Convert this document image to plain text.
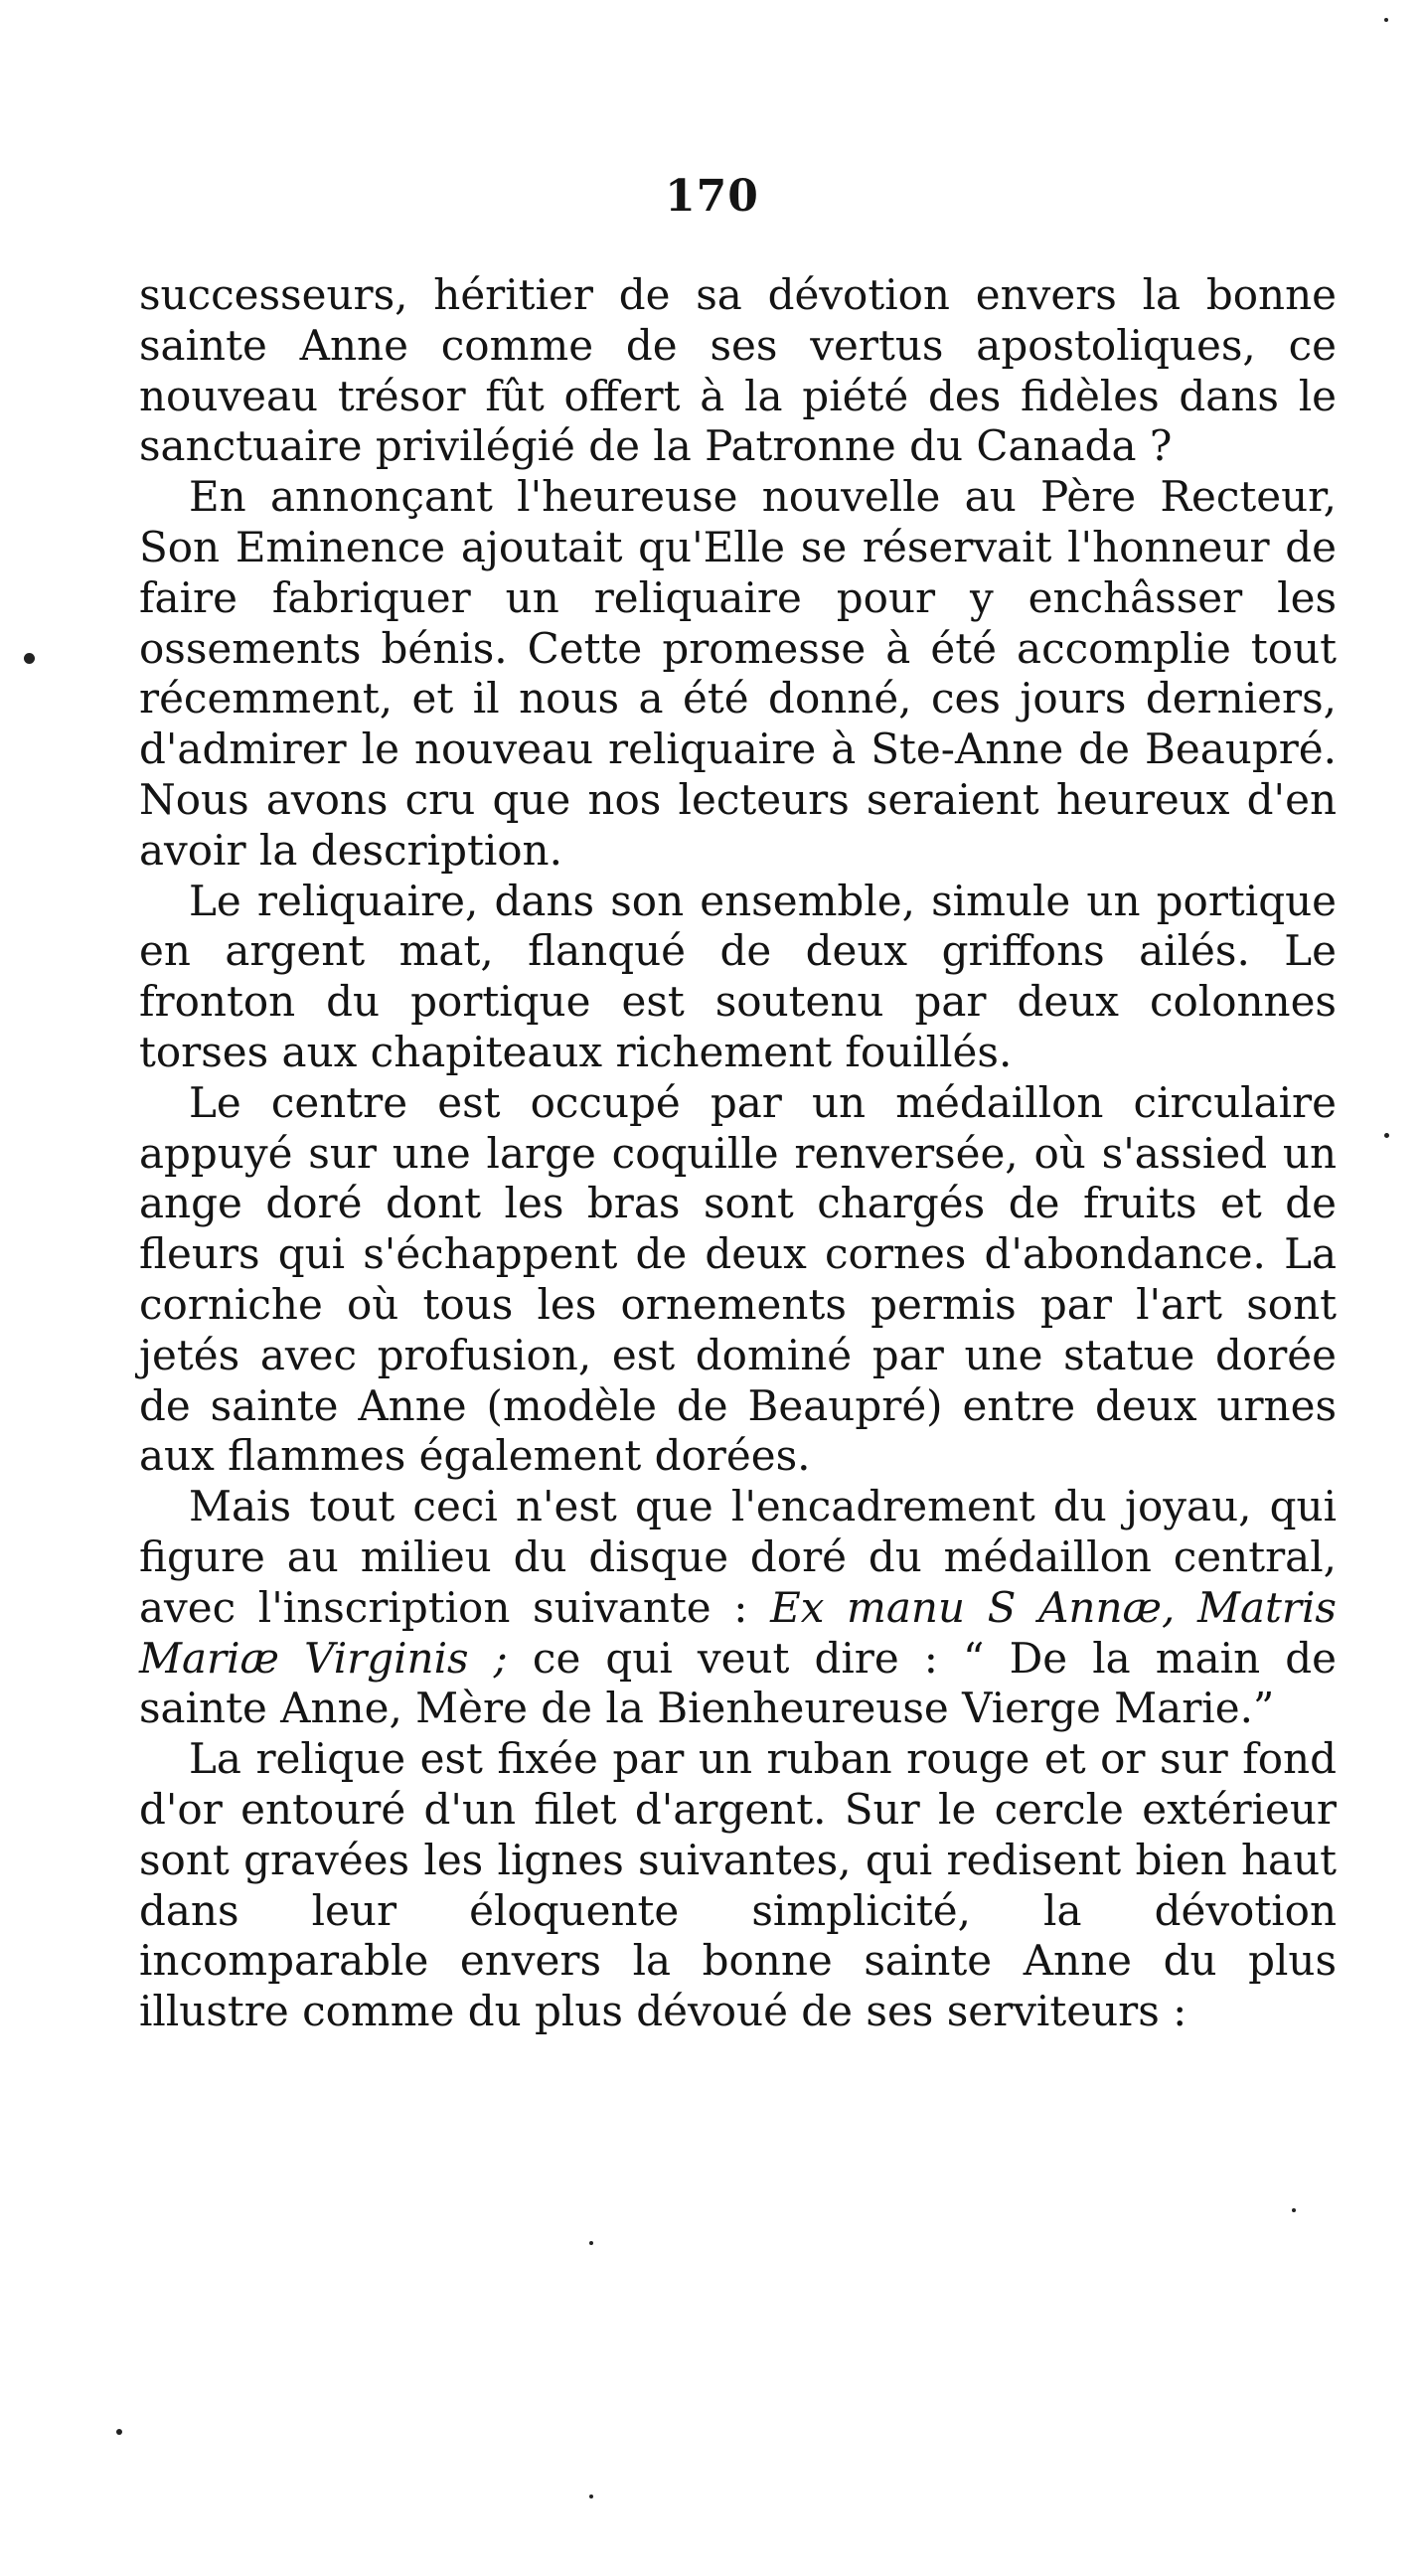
170

successeurs, héritier de sa dévotion envers la bonne sainte Anne comme de ses vertus apostoliques, ce nouveau trésor fût offert à la piété des fidèles dans le sanctuaire privilégié de la Patronne du Canada ?

En annonçant l'heureuse nouvelle au Père Recteur, Son Eminence ajoutait qu'Elle se réservait l'honneur de faire fabriquer un reliquaire pour y enchâsser les ossements bénis. Cette promesse à été accomplie tout récemment, et il nous a été donné, ces jours derniers, d'admirer le nouveau reliquaire à Ste-Anne de Beaupré. Nous avons cru que nos lecteurs seraient heureux d'en avoir la description.

Le reliquaire, dans son ensemble, simule un portique en argent mat, flanqué de deux griffons ailés. Le fronton du portique est soutenu par deux colonnes torses aux chapiteaux richement fouillés.

Le centre est occupé par un médaillon circulaire appuyé sur une large coquille renversée, où s'assied un ange doré dont les bras sont chargés de fruits et de fleurs qui s'échappent de deux cornes d'abondance. La corniche où tous les ornements permis par l'art sont jetés avec profusion, est dominé par une statue dorée de sainte Anne (modèle de Beaupré) entre deux urnes aux flammes également dorées.

Mais tout ceci n'est que l'encadrement du joyau, qui figure au milieu du disque doré du médaillon central, avec l'inscription suivante : Ex manu S Annæ, Matris Mariæ Virginis ; ce qui veut dire : “ De la main de sainte Anne, Mère de la Bienheureuse Vierge Marie.”

La relique est fixée par un ruban rouge et or sur fond d'or entouré d'un filet d'argent. Sur le cercle extérieur sont gravées les lignes suivantes, qui redisent bien haut dans leur éloquente simplicité, la dévotion incomparable envers la bonne sainte Anne du plus illustre comme du plus dévoué de ses serviteurs :
